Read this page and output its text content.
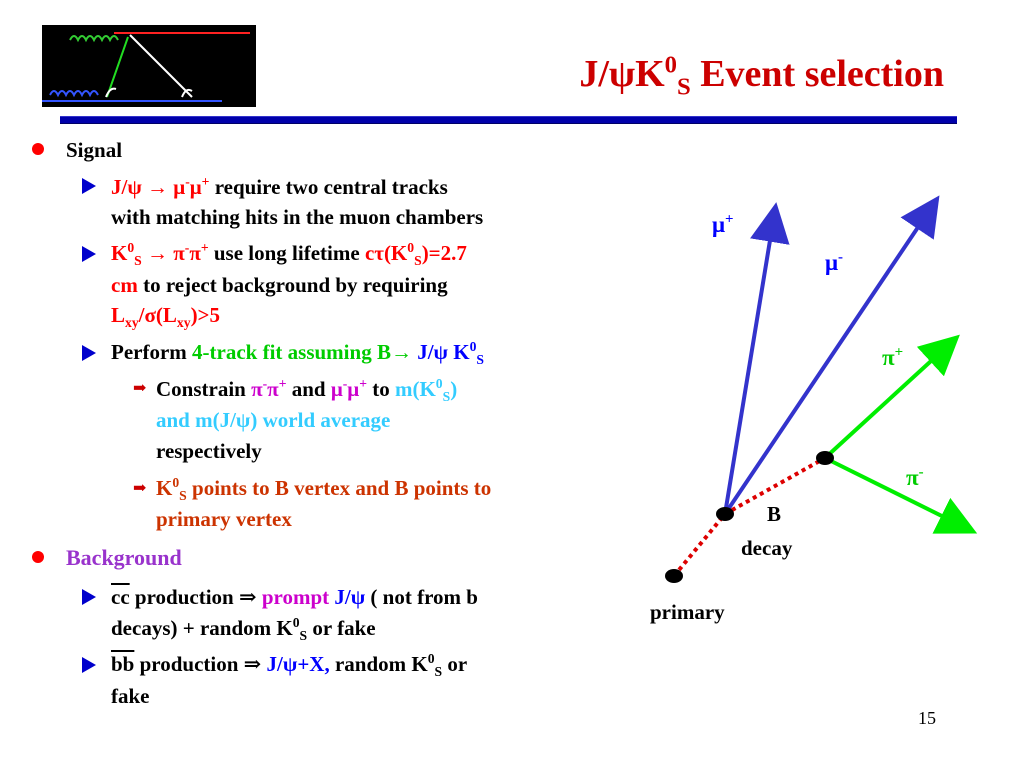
$J/\psi K^0_S$ Event selection
Signal
J/ψ → μ-μ+ require two central tracks
with matching hits in the muon chambers
$K^0_S \to \pi^-\pi^+$ use long lifetime $c\tau(K^0_S)=2.7$
cm to reject background by requiring
$L_{xy}/\sigma(L_{xy})>5$
Perform 4-track fit assuming B→ J/ψ $K^0_S$
➡ Constrain π-π+ and μ-μ+ to $m(K^0_S)$
and m(J/ψ) world average
respectively
➡ $K^0_S$ points to B vertex and B points to
primary vertex
Background
$\overline{cc}$ production ⇒ prompt J/ψ ( not from b
decays) + random $K^0_S$ or fake
$\overline{bb}$ production ⇒ J/ψ+X, random $K^0_S$ or
fake
μ+
μ-
π+
π-
B
decay
primary
15
